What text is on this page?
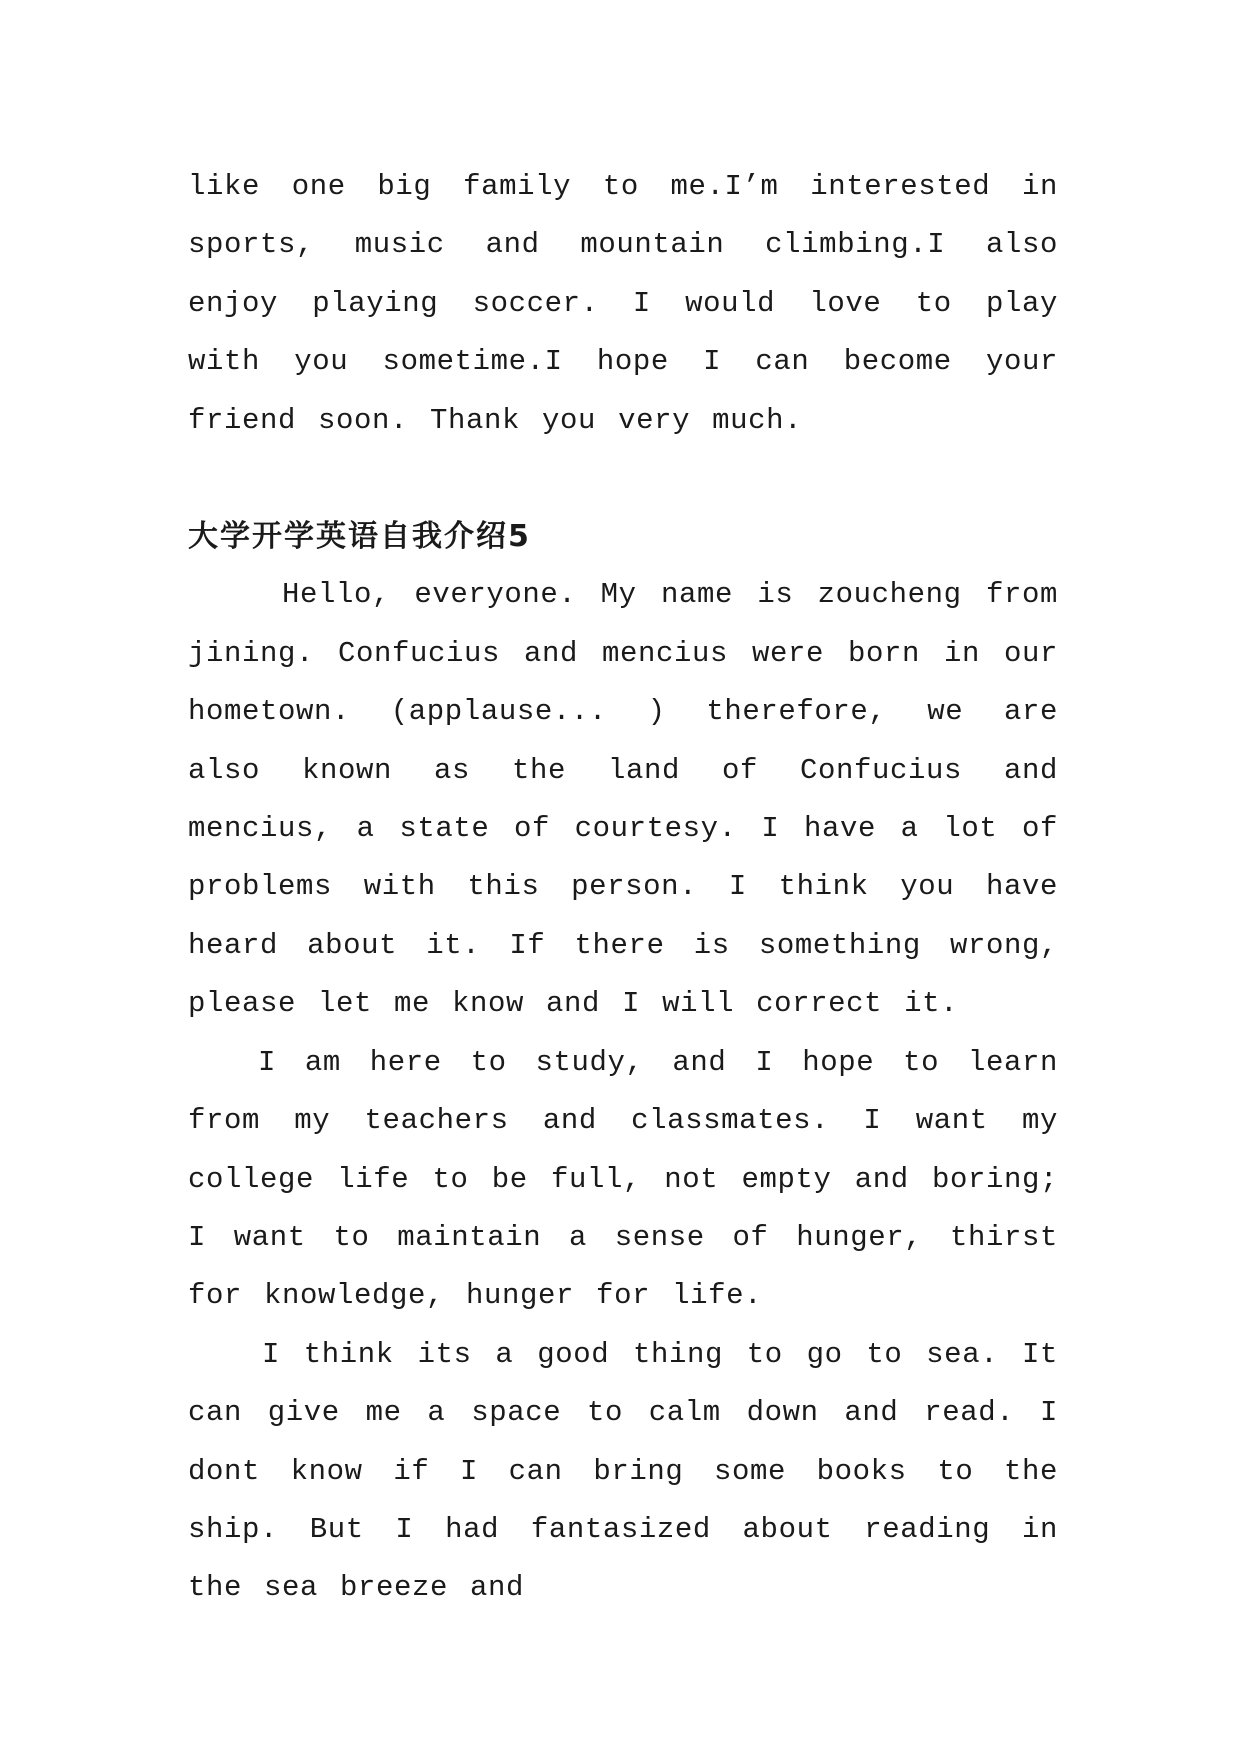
like one big family to me.I’m interested in sports, music and mountain climbing.I also enjoy playing soccer. I would love to play with you sometime.I hope I can become your friend soon. Thank you very much.

大学开学英语自我介绍5

Hello, everyone. My name is zoucheng from jining. Confucius and mencius were born in our hometown. (applause... ) therefore, we are also known as the land of Confucius and mencius, a state of courtesy. I have a lot of problems with this person. I think you have heard about it. If there is something wrong, please let me know and I will correct it.

I am here to study, and I hope to learn from my teachers and classmates. I want my college life to be full, not empty and boring; I want to maintain a sense of hunger, thirst for knowledge, hunger for life.

I think its a good thing to go to sea. It can give me a space to calm down and read. I dont know if I can bring some books to the ship. But I had fantasized about reading in the sea breeze and
